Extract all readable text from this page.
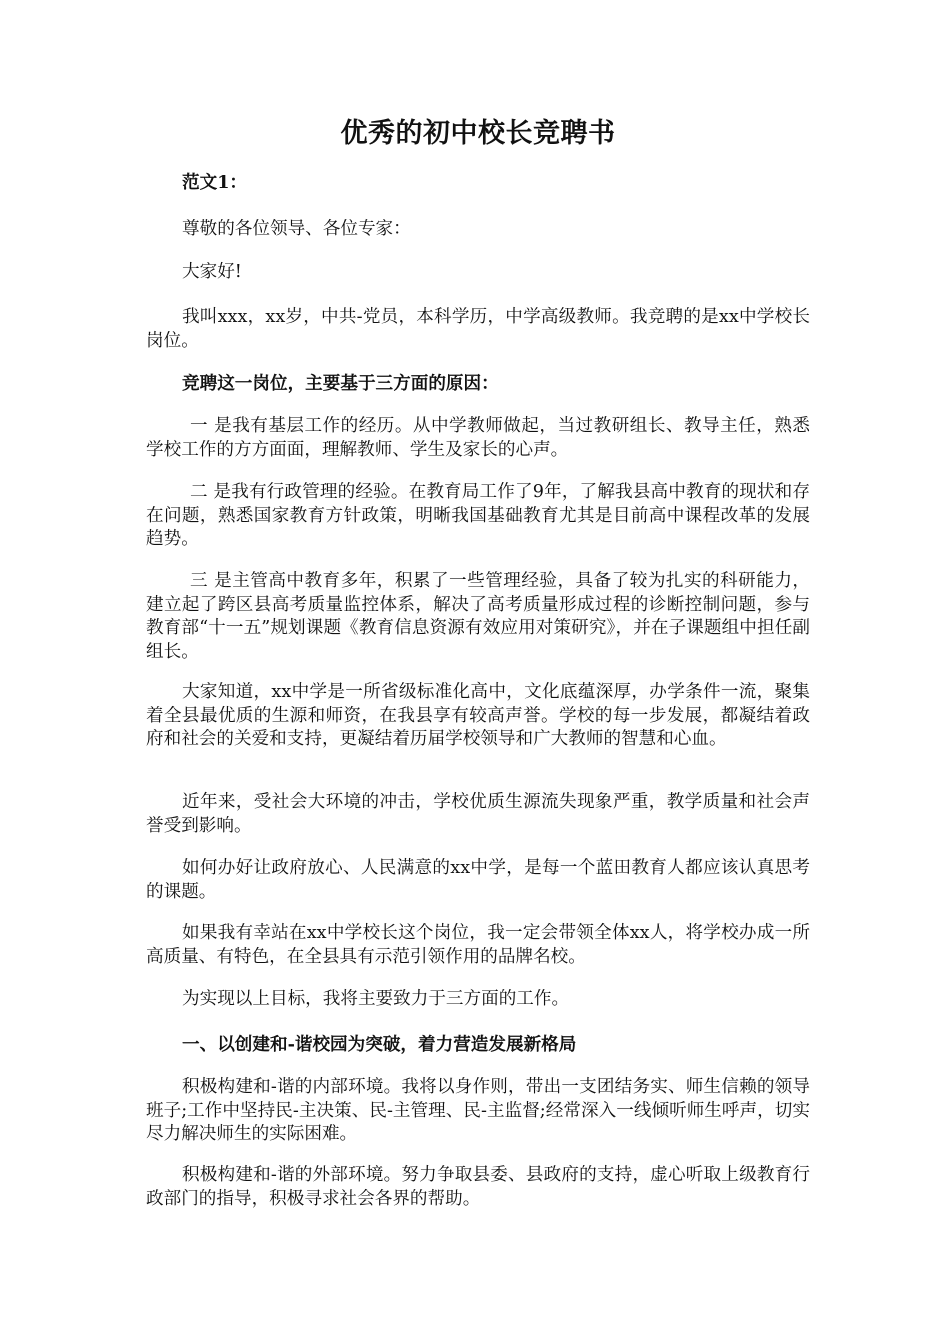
优秀的初中校长竞聘书
范文1：
尊敬的各位领导、各位专家：
大家好!
我叫xxx，xx岁，中共-党员，本科学历，中学高级教师。我竞聘的是xx中学校长岗位。
竞聘这一岗位，主要基于三方面的原因：
一 是我有基层工作的经历。从中学教师做起，当过教研组长、教导主任，熟悉学校工作的方方面面，理解教师、学生及家长的心声。
二 是我有行政管理的经验。在教育局工作了9年，了解我县高中教育的现状和存在问题，熟悉国家教育方针政策，明晰我国基础教育尤其是目前高中课程改革的发展趋势。
三 是主管高中教育多年，积累了一些管理经验，具备了较为扎实的科研能力，建立起了跨区县高考质量监控体系，解决了高考质量形成过程的诊断控制问题，参与教育部“十一五”规划课题《教育信息资源有效应用对策研究》，并在子课题组中担任副组长。
大家知道，xx中学是一所省级标准化高中，文化底蕴深厚，办学条件一流，聚集着全县最优质的生源和师资，在我县享有较高声誉。学校的每一步发展，都凝结着政府和社会的关爱和支持，更凝结着历届学校领导和广大教师的智慧和心血。
近年来，受社会大环境的冲击，学校优质生源流失现象严重，教学质量和社会声誉受到影响。
如何办好让政府放心、人民满意的xx中学，是每一个蓝田教育人都应该认真思考的课题。
如果我有幸站在xx中学校长这个岗位，我一定会带领全体xx人，将学校办成一所高质量、有特色，在全县具有示范引领作用的品牌名校。
为实现以上目标，我将主要致力于三方面的工作。
一、以创建和-谐校园为突破，着力营造发展新格局
积极构建和-谐的内部环境。我将以身作则，带出一支团结务实、师生信赖的领导班子;工作中坚持民-主决策、民-主管理、民-主监督;经常深入一线倾听师生呼声，切实尽力解决师生的实际困难。
积极构建和-谐的外部环境。努力争取县委、县政府的支持，虚心听取上级教育行政部门的指导，积极寻求社会各界的帮助。
